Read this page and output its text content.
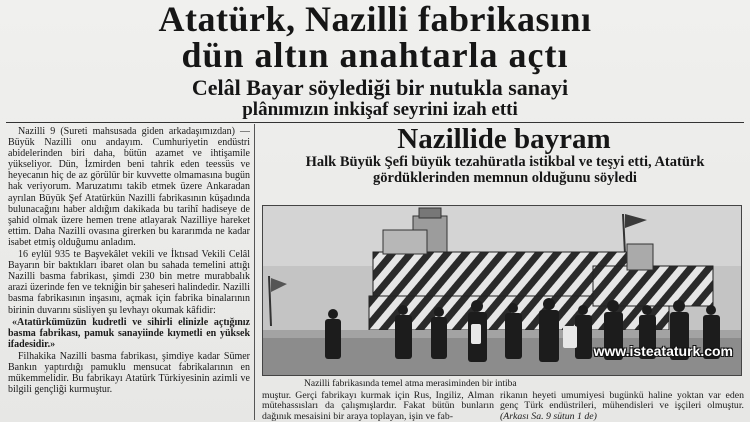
Atatürk, Nazilli fabrikasını
dün altın anahtarla açtı
Celâl Bayar söylediği bir nutukla sanayi
plânımızın inkişaf seyrini izah etti

Nazilli 9 (Sureti mahsusada giden arkadaşımızdan) — Büyük Nazilli onu andayım. Cumhuriyetin endüstri abidelerinden biri daha, bütün azamet ve ihtişamile yükseliyor. Dün, İzmirden beni tahrik eden teessüs ve heyecanın hiç de az görülür bir kuvvette olmamasına bugün hak veriyorum. Maruzatımı takib etmek üzere Ankaradan ayrılan Büyük Şef Atatürkün Nazilli fabrikasının küşadında bulunacağını haber aldığım dakikada bu tarihî hadiseye de şahid olmak üzere hemen trene atlayarak Nazilliye hareket ettim. Daha Nazilli ovasına girerken bu kararımda ne kadar isabet etmiş olduğumu anladım.

16 eylül 935 te Başvekâlet vekili ve İktısad Vekili Celâl Bayarın bir baktıkları ibaret olan bu sahada temelini attığı Nazilli basma fabrikası, şimdi 230 bin metre murabbalık arazi üzerinde fen ve tekniğin bir şaheseri halindedir. Nazilli basma fabrikasının inşasını, açmak için fabrika binalarının birinin duvarını süsliyen şu levhayı okumak kâfidir:

«Atatürkümüzün kudretli ve sihirli elinizle açtığınız basma fabrikası, pamuk sanayiinde kıymetli en yüksek ifadesidir.»

Filhakika Nazilli basma fabrikası, şimdiye kadar Sümer Bankın yaptırdığı pamuklu mensucat fabrikalarının en mükemmelidir. Bu fabrikayı Atatürk Türkiyesinin azimli ve bilgili gençliği kurmuştur.

Nazillide bayram
Halk Büyük Şefi büyük tezahüratla istikbal ve teşyi etti, Atatürk gördüklerinden memnun olduğunu söyledi
www.isteataturk.com
Nazilli fabrikasında temel atma merasiminden bir intiba
muştur. Gerçi fabrikayı kurmak için Rus, İngiliz, Alman mütehassısları da çalışmışlardır. Fakat bütün bunların dağınık mesaisini bir araya toplayan, işin ve fab-
rikanın heyeti umumiyesi bugünkü haline yoktan var eden genç Türk endüstrileri, mühendisleri ve işçileri olmuştur. (Arkası Sa. 9 sütun 1 de)
